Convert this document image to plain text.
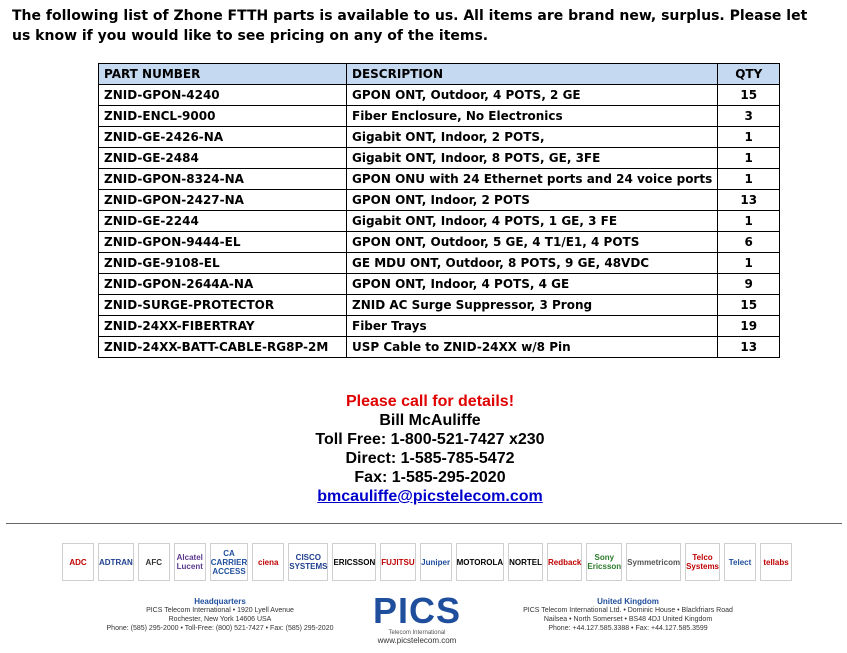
The following list of Zhone FTTH parts is available to us. All items are brand new, surplus. Please let us know if you would like to see pricing on any of the items.
PART NUMBER	DESCRIPTION	QTY
ZNID-GPON-4240	GPON ONT, Outdoor, 4 POTS, 2 GE	15
ZNID-ENCL-9000	Fiber Enclosure, No Electronics	3
ZNID-GE-2426-NA	Gigabit ONT, Indoor, 2 POTS,	1
ZNID-GE-2484	Gigabit ONT, Indoor, 8 POTS, GE, 3FE	1
ZNID-GPON-8324-NA	GPON ONU with 24 Ethernet ports and 24 voice ports	1
ZNID-GPON-2427-NA	GPON ONT, Indoor, 2 POTS	13
ZNID-GE-2244	Gigabit ONT, Indoor, 4 POTS, 1 GE, 3 FE	1
ZNID-GPON-9444-EL	GPON ONT, Outdoor, 5 GE, 4 T1/E1, 4 POTS	6
ZNID-GE-9108-EL	GE MDU ONT, Outdoor, 8 POTS, 9 GE, 48VDC	1
ZNID-GPON-2644A-NA	GPON ONT, Indoor, 4 POTS, 4 GE	9
ZNID-SURGE-PROTECTOR	ZNID AC Surge Suppressor, 3 Prong	15
ZNID-24XX-FIBERTRAY	Fiber Trays	19
ZNID-24XX-BATT-CABLE-RG8P-2M	USP Cable to ZNID-24XX w/8 Pin	13
Please call for details!
Bill McAuliffe
Toll Free: 1-800-521-7427 x230
Direct: 1-585-785-5472
Fax: 1-585-295-2020
bmcauliffe@picstelecom.com
ADC	ADTRAN	AFC	Alcatel Lucent
CA CARRIER ACCESS
ciena	CISCO SYSTEMS ERICSSON FUJITSU Juniper MOTOROLA NORTEL Redback	Sony Ericsson Symmetricom	Telco Systems	Telect	tellabs
Headquarters
PICS Telecom International • 1920 Lyell Avenue
Rochester, New York 14606 USA
Phone: (585) 295-2000 • Toll-Free: (800) 521-7427 • Fax: (585) 295-2020	PICS
Telecom International
www.picstelecom.com
United Kingdom
PICS Telecom International Ltd. • Dominic House • Blackfriars Road
Nailsea • North Somerset • BS48 4DJ United Kingdom
Phone: +44.127.585.3388 • Fax: +44.127.585.3599
